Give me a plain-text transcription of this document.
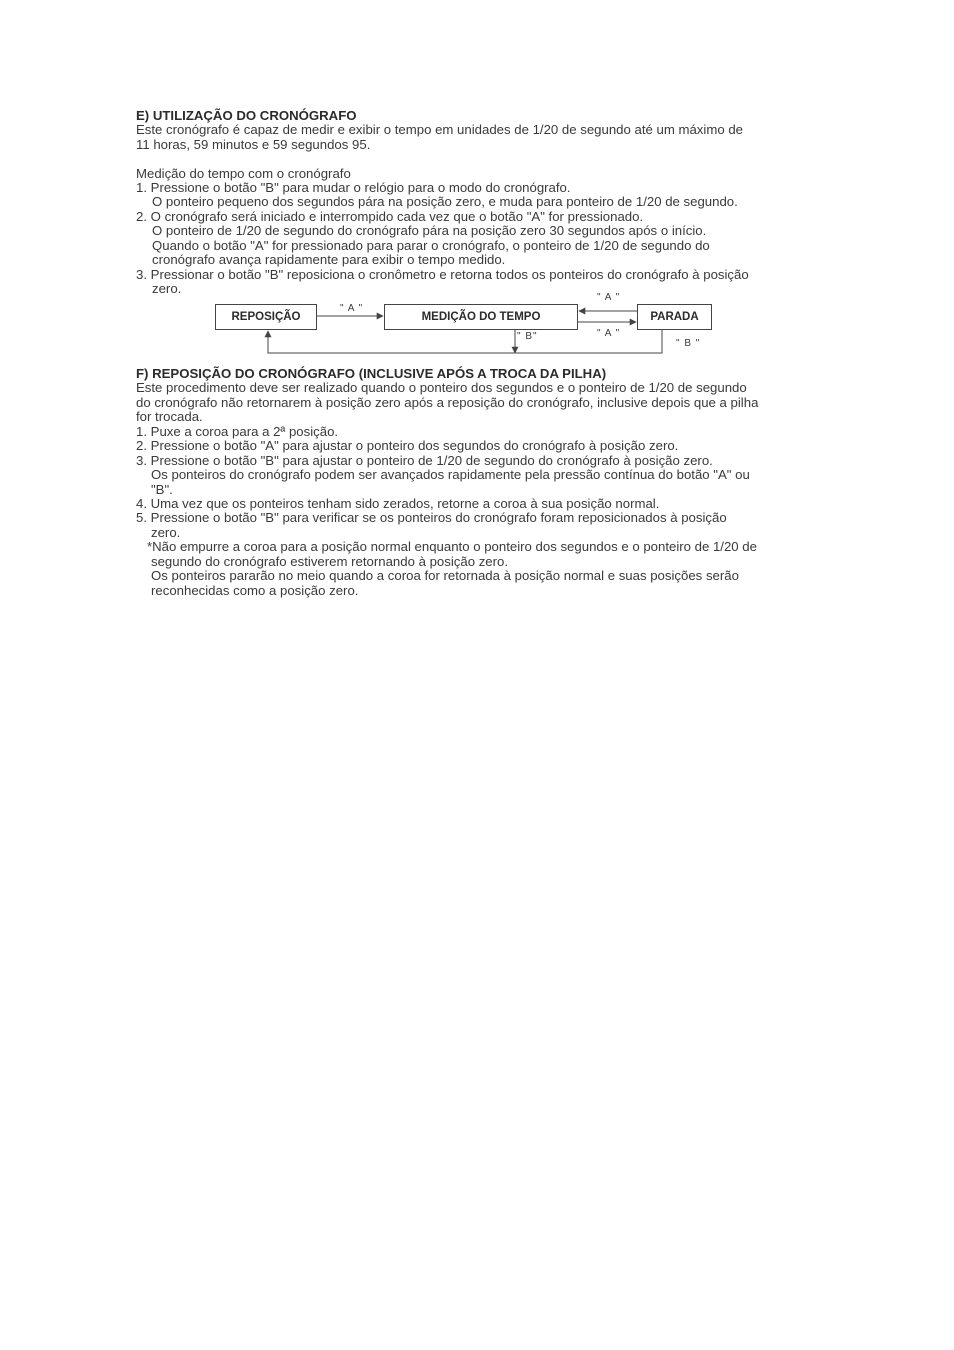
E) UTILIZAÇÃO DO CRONÓGRAFO
Este cronógrafo é capaz de medir e exibir o tempo em unidades de 1/20 de segundo até um máximo de
11 horas, 59 minutos e 59 segundos 95.
Medição do tempo com o cronógrafo
1. Pressione o botão "B" para mudar o relógio para o modo do cronógrafo.
O ponteiro pequeno dos segundos pára na posição zero, e muda para ponteiro de 1/20 de segundo.
2. O cronógrafo será iniciado e interrompido cada vez que o botão "A" for pressionado.
O ponteiro de 1/20 de segundo do cronógrafo pára na posição zero 30 segundos após o início.
Quando o botão "A" for pressionado para parar o cronógrafo, o ponteiro de 1/20 de segundo do
cronógrafo avança rapidamente para exibir o tempo medido.
3. Pressionar o botão "B" reposiciona o cronômetro e retorna todos os ponteiros do cronógrafo à posição
zero.
REPOSIÇÃO	MEDIÇÃO DO TEMPO	PARADA
" A "
" A "
" A "
" B"
" B "
F) REPOSIÇÃO DO CRONÓGRAFO (INCLUSIVE APÓS A TROCA DA PILHA)
Este procedimento deve ser realizado quando o ponteiro dos segundos e o ponteiro de 1/20 de segundo
do cronógrafo não retornarem à posição zero após a reposição do cronógrafo, inclusive depois que a pilha
for trocada.
1. Puxe a coroa para a 2ª posição.
2. Pressione o botão "A" para ajustar o ponteiro dos segundos do cronógrafo à posição zero.
3. Pressione o botão "B" para ajustar o ponteiro de 1/20 de segundo do cronógrafo à posição zero.
Os ponteiros do cronógrafo podem ser avançados rapidamente pela pressão contínua do botão "A" ou
"B".
4. Uma vez que os ponteiros tenham sido zerados, retorne a coroa à sua posição normal.
5. Pressione o botão "B" para verificar se os ponteiros do cronógrafo foram reposicionados à posição
zero.
*Não empurre a coroa para a posição normal enquanto o ponteiro dos segundos e o ponteiro de 1/20 de
segundo do cronógrafo estiverem retornando à posição zero.
Os ponteiros pararão no meio quando a coroa for retornada à posição normal e suas posições serão
reconhecidas como a posição zero.
